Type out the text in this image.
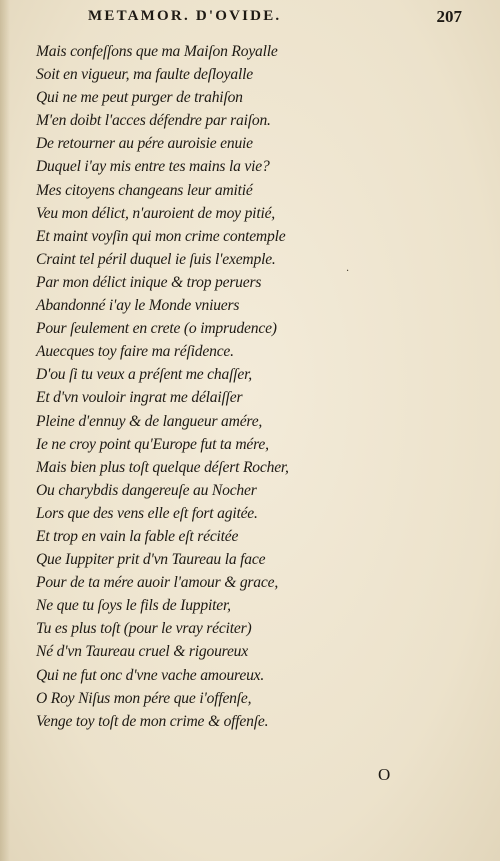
METAMOR. D'OVIDE.	207
Mais confeſſons que ma Maiſon Royalle
Soit en vigueur, ma faulte deſloyalle
Qui ne me peut purger de trahiſon
M'en doibt l'acces défendre par raiſon.
De retourner au pére auroisie enuie
Duquel i'ay mis entre tes mains la vie?
Mes citoyens changeans leur amitié
Veu mon délict, n'auroient de moy pitié,
Et maint voyſin qui mon crime contemple
Craint tel péril duquel ie ſuis l'exemple.
Par mon délict inique & trop peruers
Abandonné i'ay le Monde vniuers
Pour ſeulement en crete (o imprudence)
Auecques toy faire ma réſidence.
D'ou ſi tu veux a préſent me chaſſer,
Et d'vn vouloir ingrat me délaiſſer
Pleine d'ennuy & de langueur amére,
Ie ne croy point qu'Europe fut ta mére,
Mais bien plus toſt quelque déſert Rocher,
Ou charybdis dangereuſe au Nocher
Lors que des vens elle eſt fort agitée.
Et trop en vain la fable eſt récitée
Que Iuppiter prit d'vn Taureau la face
Pour de ta mére auoir l'amour & grace,
Ne que tu ſoys le fils de Iuppiter,
Tu es plus toſt (pour le vray réciter)
Né d'vn Taureau cruel & rigoureux
Qui ne fut onc d'vne vache amoureux.
O Roy Niſus mon pére que i'offenſe,
Venge toy toſt de mon crime & offenſe.
.
O
